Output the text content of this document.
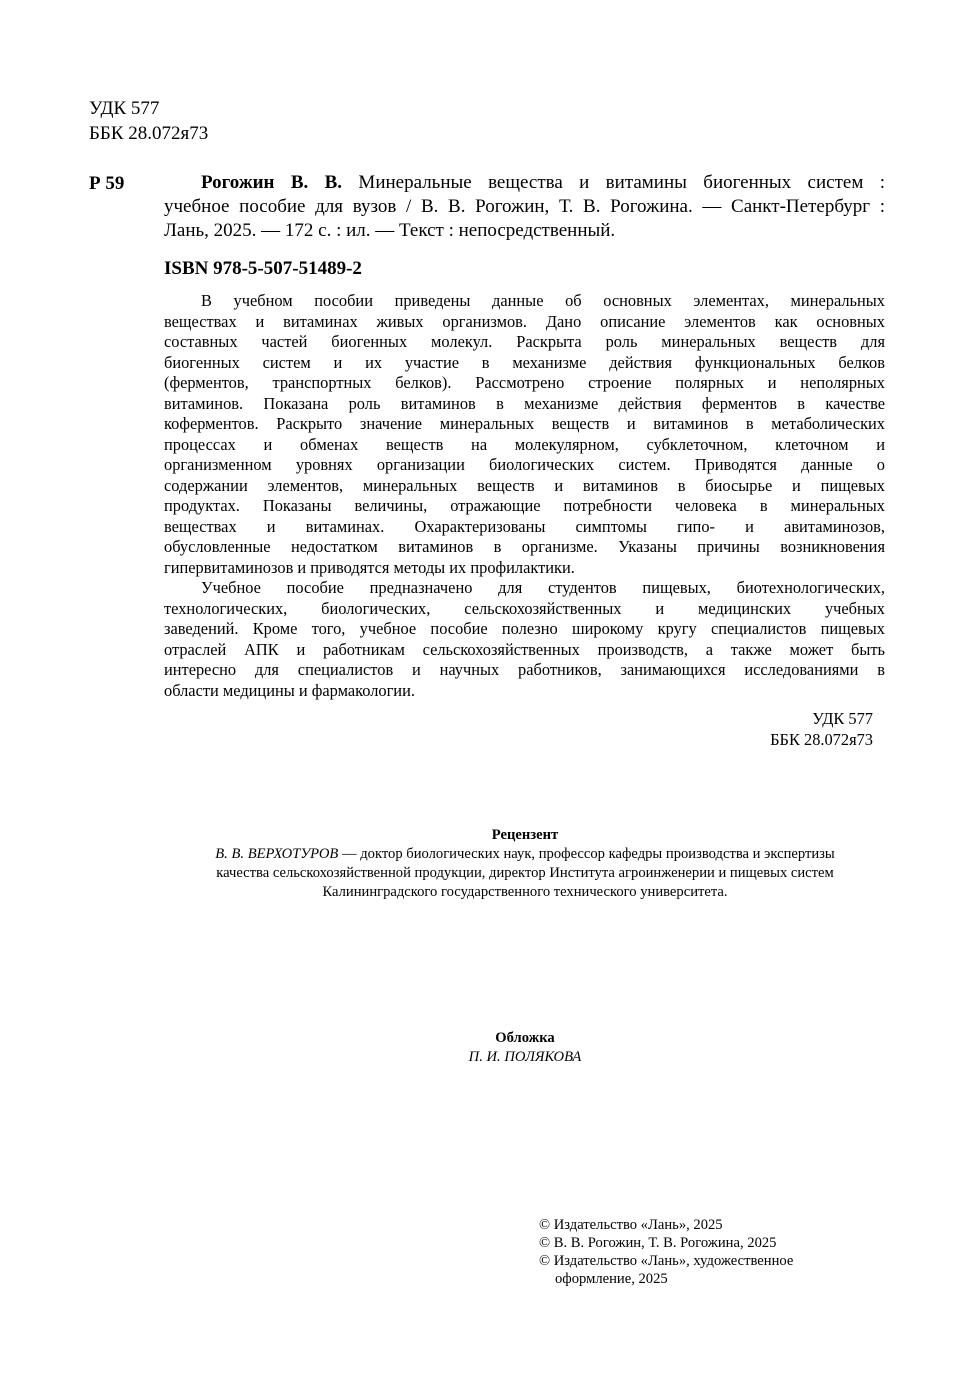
УДК 577
ББК 28.072я73
Р 59	Рогожин В. В. Минеральные вещества и витамины биогенных систем :
учебное пособие для вузов / В. В. Рогожин, Т. В. Рогожина. — Санкт-Петербург :
Лань, 2025. — 172 с. : ил. — Текст : непосредственный.
ISBN 978-5-507-51489-2
В учебном пособии приведены данные об основных элементах, минеральных
веществах и витаминах живых организмов. Дано описание элементов как основных
составных частей биогенных молекул. Раскрыта роль минеральных веществ для
биогенных систем и их участие в механизме действия функциональных белков
(ферментов, транспортных белков). Рассмотрено строение полярных и неполярных
витаминов. Показана роль витаминов в механизме действия ферментов в качестве
коферментов. Раскрыто значение минеральных веществ и витаминов в метаболических
процессах и обменах веществ на молекулярном, субклеточном, клеточном и
организменном уровнях организации биологических систем. Приводятся данные о
содержании элементов, минеральных веществ и витаминов в биосырье и пищевых
продуктах. Показаны величины, отражающие потребности человека в минеральных
веществах и витаминах. Охарактеризованы симптомы гипо- и авитаминозов,
обусловленные недостатком витаминов в организме. Указаны причины возникновения
гипервитаминозов и приводятся методы их профилактики.
Учебное пособие предназначено для студентов пищевых, биотехнологических,
технологических, биологических, сельскохозяйственных и медицинских учебных
заведений. Кроме того, учебное пособие полезно широкому кругу специалистов пищевых
отраслей АПК и работникам сельскохозяйственных производств, а также может быть
интересно для специалистов и научных работников, занимающихся исследованиями в
области медицины и фармакологии.
УДК 577
ББК 28.072я73
Рецензент
В. В. ВЕРХОТУРОВ — доктор биологических наук, профессор кафедры производства и экспертизы
качества сельскохозяйственной продукции, директор Института агроинженерии и пищевых систем
Калининградского государственного технического университета.
Обложка
П. И. ПОЛЯКОВА
© Издательство «Лань», 2025
© В. В. Рогожин, Т. В. Рогожина, 2025
© Издательство «Лань», художественное
оформление, 2025
